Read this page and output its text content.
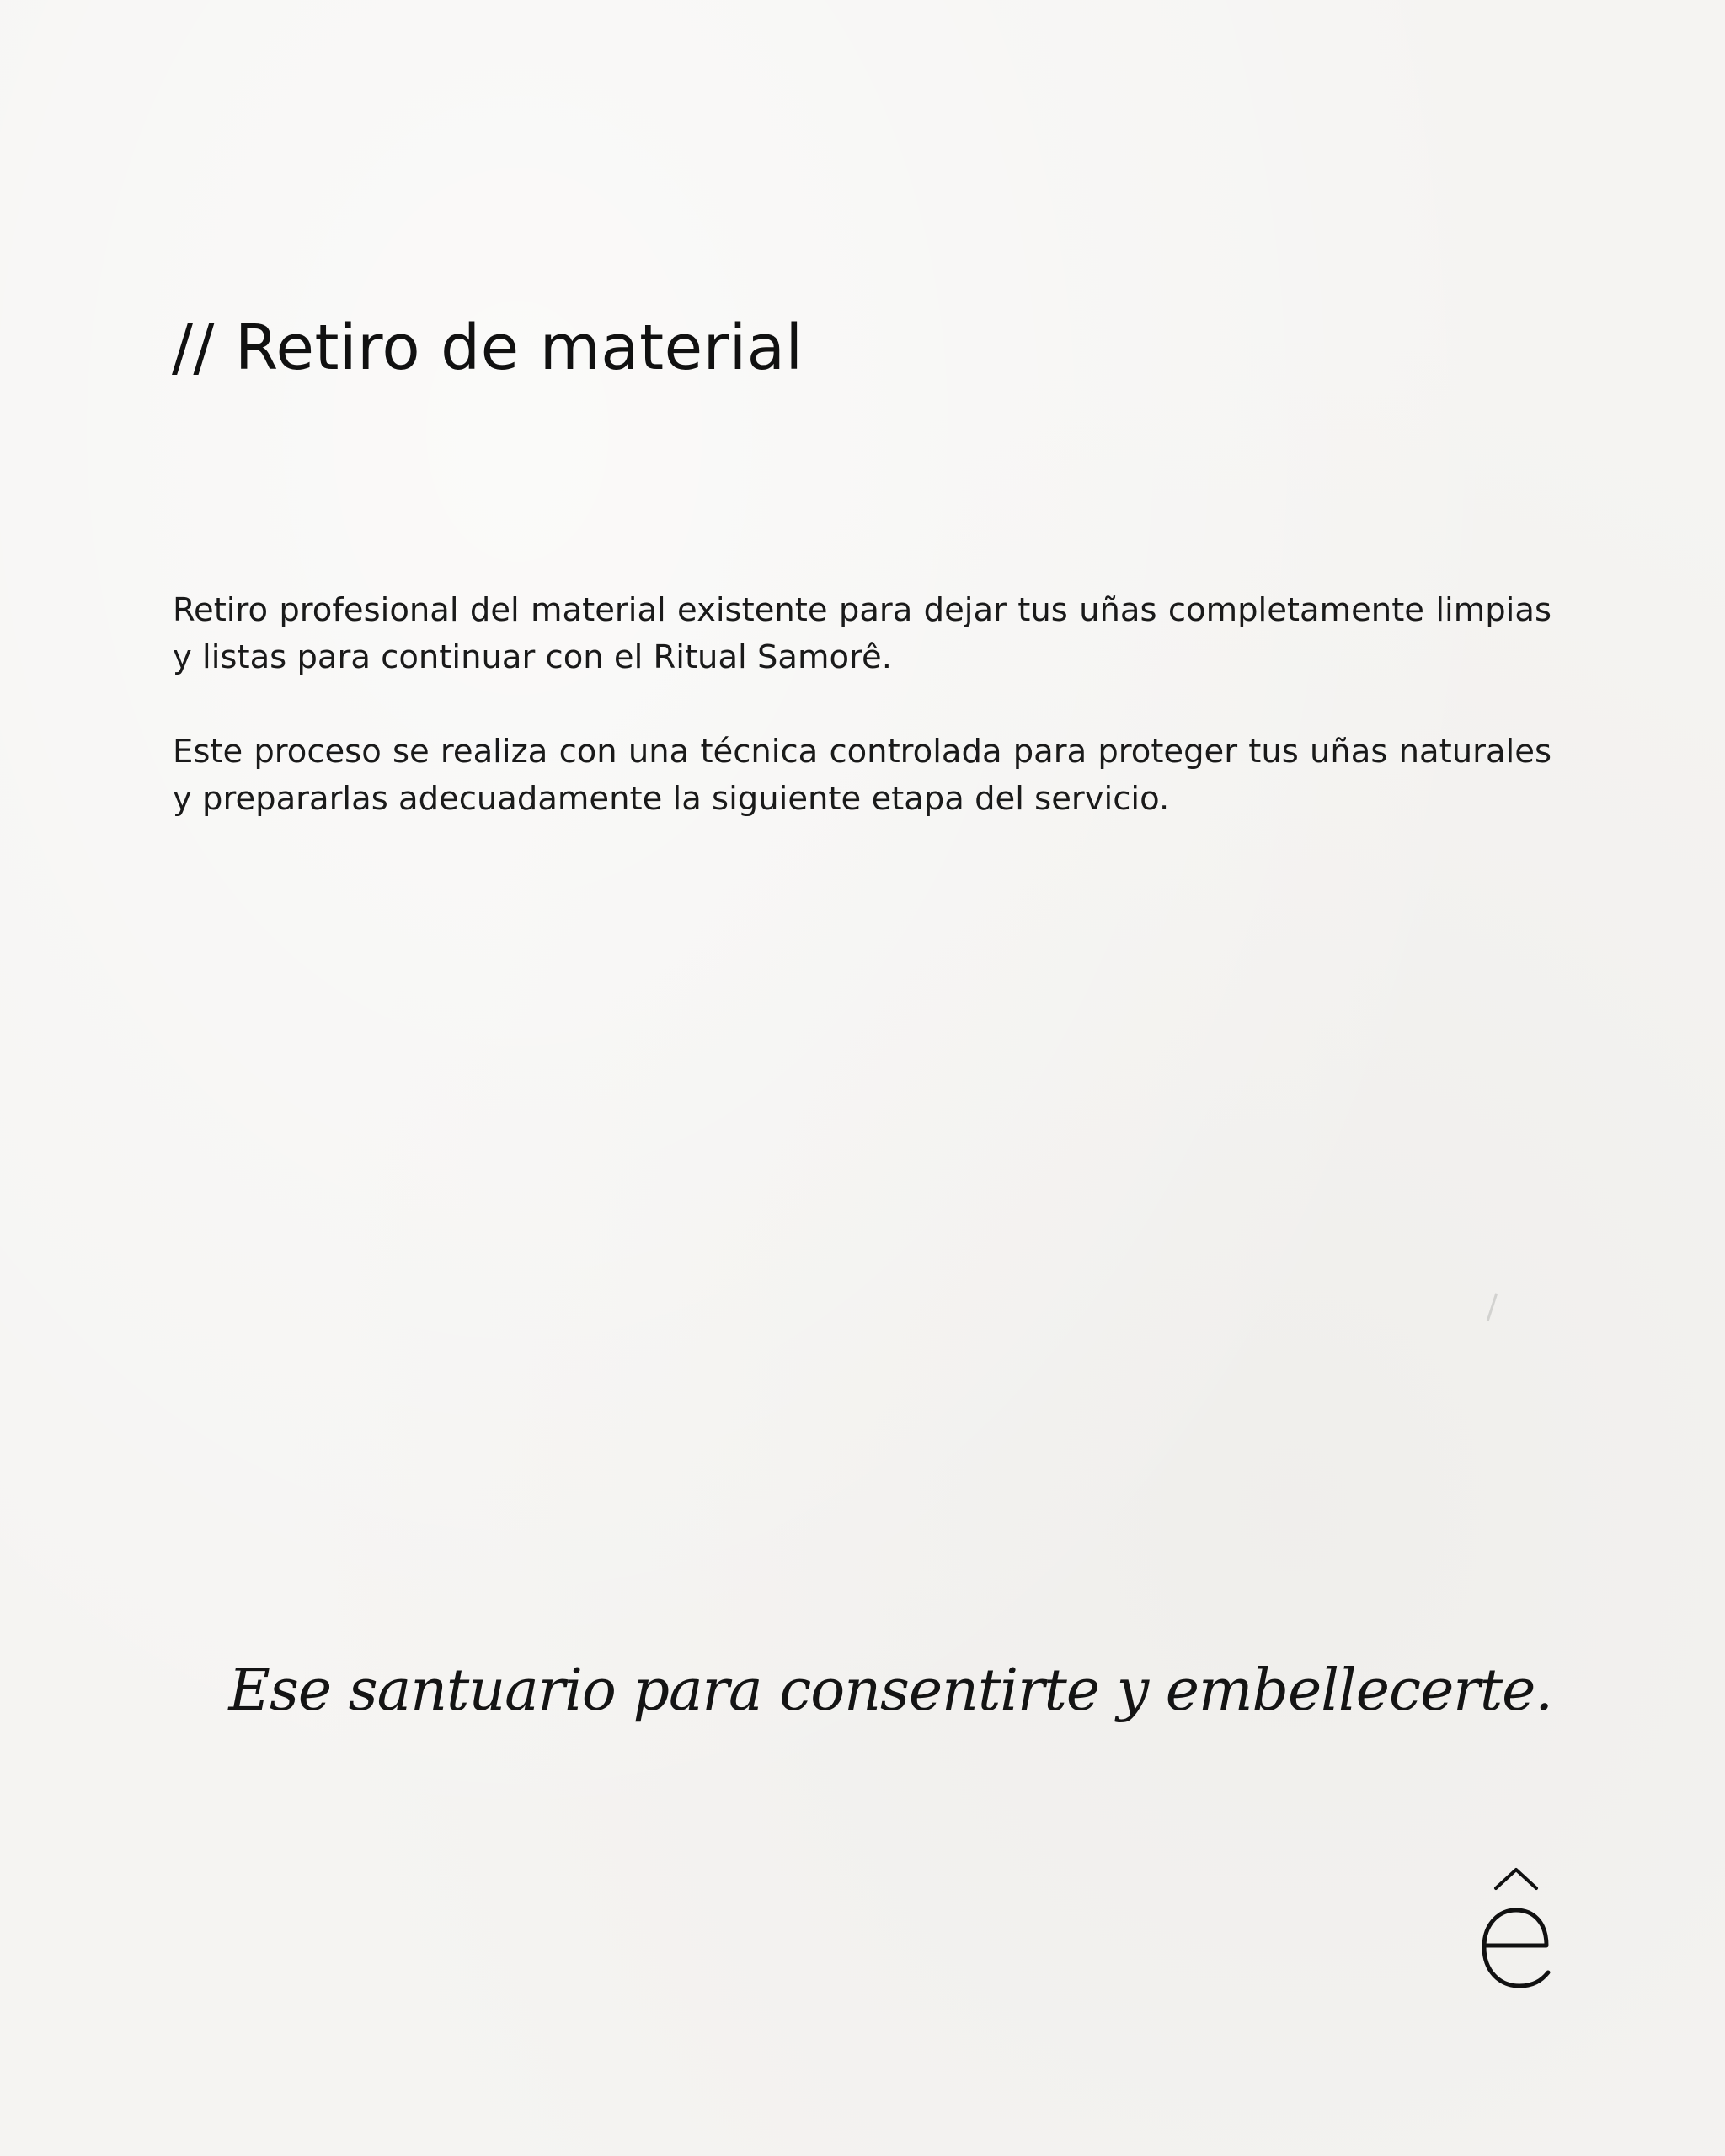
// Retiro de material

Retiro profesional del material existente para dejar tus uñas completamente limpias y listas para continuar con el Ritual Samorê.

Este proceso se realiza con una técnica controlada para proteger tus uñas naturales y prepararlas adecuadamente la siguiente etapa del servicio.

Ese santuario para consentirte y embellecerte.
